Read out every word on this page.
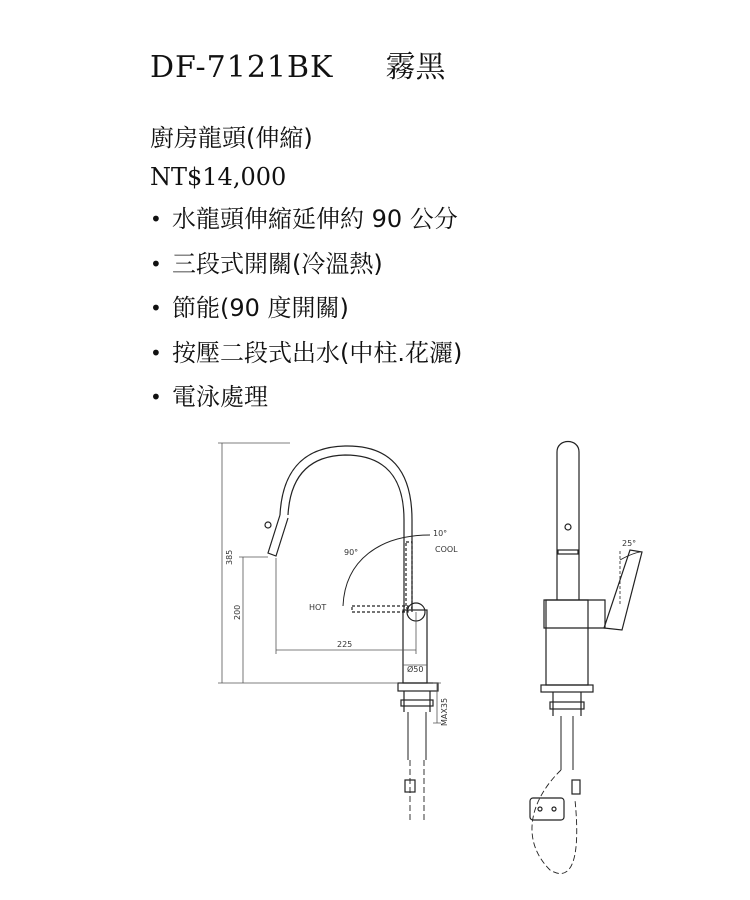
DF-7121BK 霧黑
廚房龍頭(伸縮)
NT$14,000
• 水龍頭伸縮延伸約 90 公分
• 三段式開關(冷溫熱)
• 節能(90 度開關)
• 按壓二段式出水(中柱.花灑)
• 電泳處理
385
200
225
Ø50
MAX35
90°
10°
HOT
COOL
25°
